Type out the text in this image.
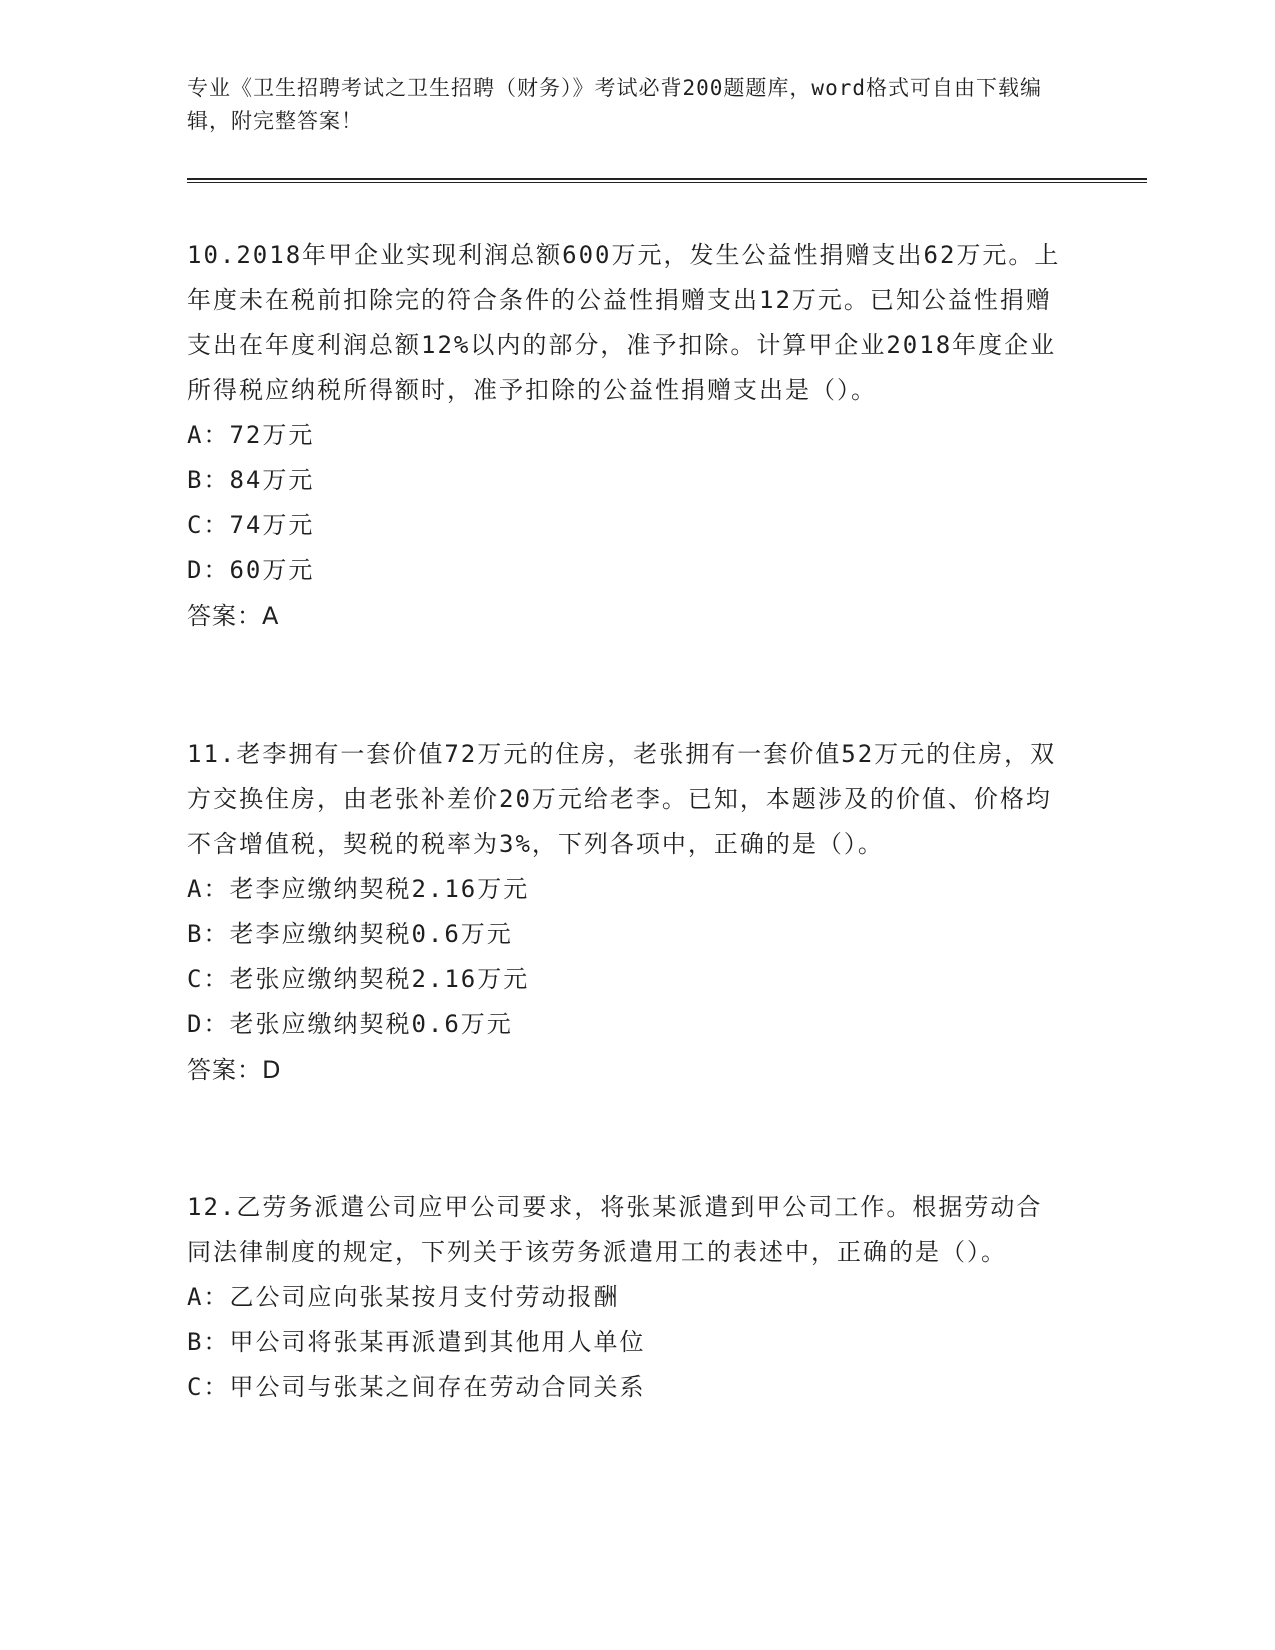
专业《卫生招聘考试之卫生招聘（财务）》考试必背200题题库，word格式可自由下载编辑，附完整答案！

10.2018年甲企业实现利润总额600万元，发生公益性捐赠支出62万元。上年度未在税前扣除完的符合条件的公益性捐赠支出12万元。已知公益性捐赠支出在年度利润总额12%以内的部分，准予扣除。计算甲企业2018年度企业所得税应纳税所得额时，准予扣除的公益性捐赠支出是（）。

A：72万元

B：84万元

C：74万元

D：60万元

答案：A

11.老李拥有一套价值72万元的住房，老张拥有一套价值52万元的住房，双方交换住房，由老张补差价20万元给老李。已知，本题涉及的价值、价格均不含增值税，契税的税率为3%，下列各项中，正确的是（）。

A：老李应缴纳契税2.16万元

B：老李应缴纳契税0.6万元

C：老张应缴纳契税2.16万元

D：老张应缴纳契税0.6万元

答案：D

12.乙劳务派遣公司应甲公司要求，将张某派遣到甲公司工作。根据劳动合同法律制度的规定，下列关于该劳务派遣用工的表述中，正确的是（）。

A：乙公司应向张某按月支付劳动报酬

B：甲公司将张某再派遣到其他用人单位

C：甲公司与张某之间存在劳动合同关系
